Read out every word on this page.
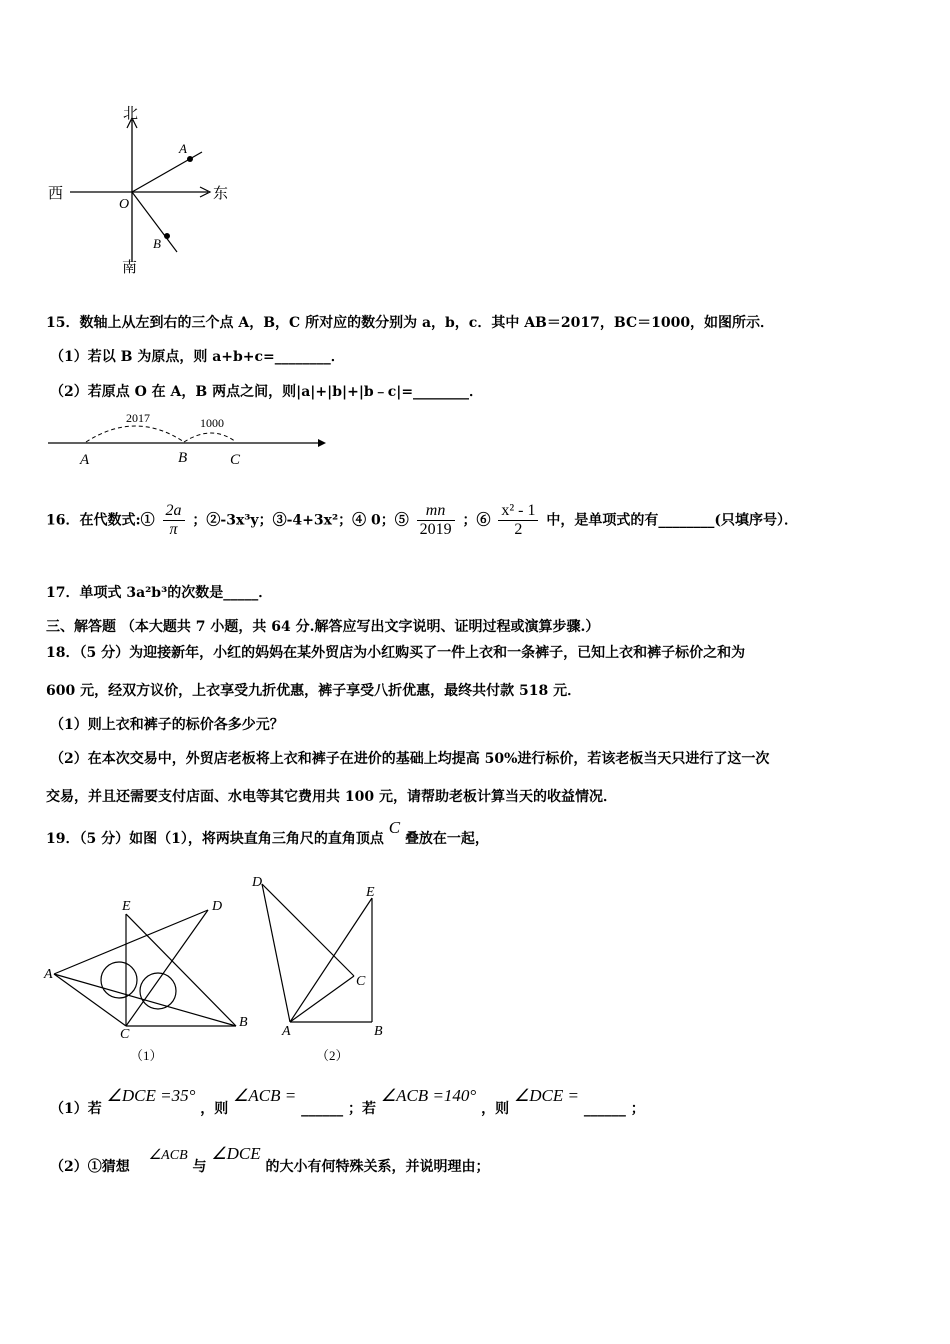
北
南
东
西
O
A
B
15．数轴上从左到右的三个点 A，B，C 所对应的数分别为 a，b，c．其中 AB＝2017，BC＝1000，如图所示．
（1）若以 B 为原点，则 a+b+c=________．
（2）若原点 O 在 A，B 两点之间，则|a|+|b|+|b﹣c|=________．
2017	1000
A	B	C
16．在代数式:① $\frac{2a}{\pi}$ ；②-3x³y；③-4+3x²；④ 0；⑤ $\frac{mn}{2019}$ ；⑥ $\frac{\text{x² - 1}}{2}$ 中，是单项式的有________(只填序号）．
17．单项式 3a²b³的次数是_____．
三、解答题 （本大题共 7 小题，共 64 分.解答应写出文字说明、证明过程或演算步骤.）
18．（5 分）为迎接新年，小红的妈妈在某外贸店为小红购买了一件上衣和一条裤子，已知上衣和裤子标价之和为
600 元，经双方议价，上衣享受九折优惠，裤子享受八折优惠，最终共付款 518 元．
（1）则上衣和裤子的标价各多少元？
（2）在本次交易中，外贸店老板将上衣和裤子在进价的基础上均提高 50%进行标价，若该老板当天只进行了这一次
交易，并且还需要支付店面、水电等其它费用共 100 元，请帮助老板计算当天的收益情况．
19．（5 分）如图（1），将两块直角三角尺的直角顶点 C 叠放在一起，
A
B
C
D
E
（1）
D
E
C
A	B
（2）
（1）若 ∠DCE =35° ，则 ∠ACB = ______ ；若 ∠ACB =140° ，则 ∠DCE = ______ ；
（2）①猜想 ∠ACB 与 ∠DCE 的大小有何特殊关系，并说明理由；
